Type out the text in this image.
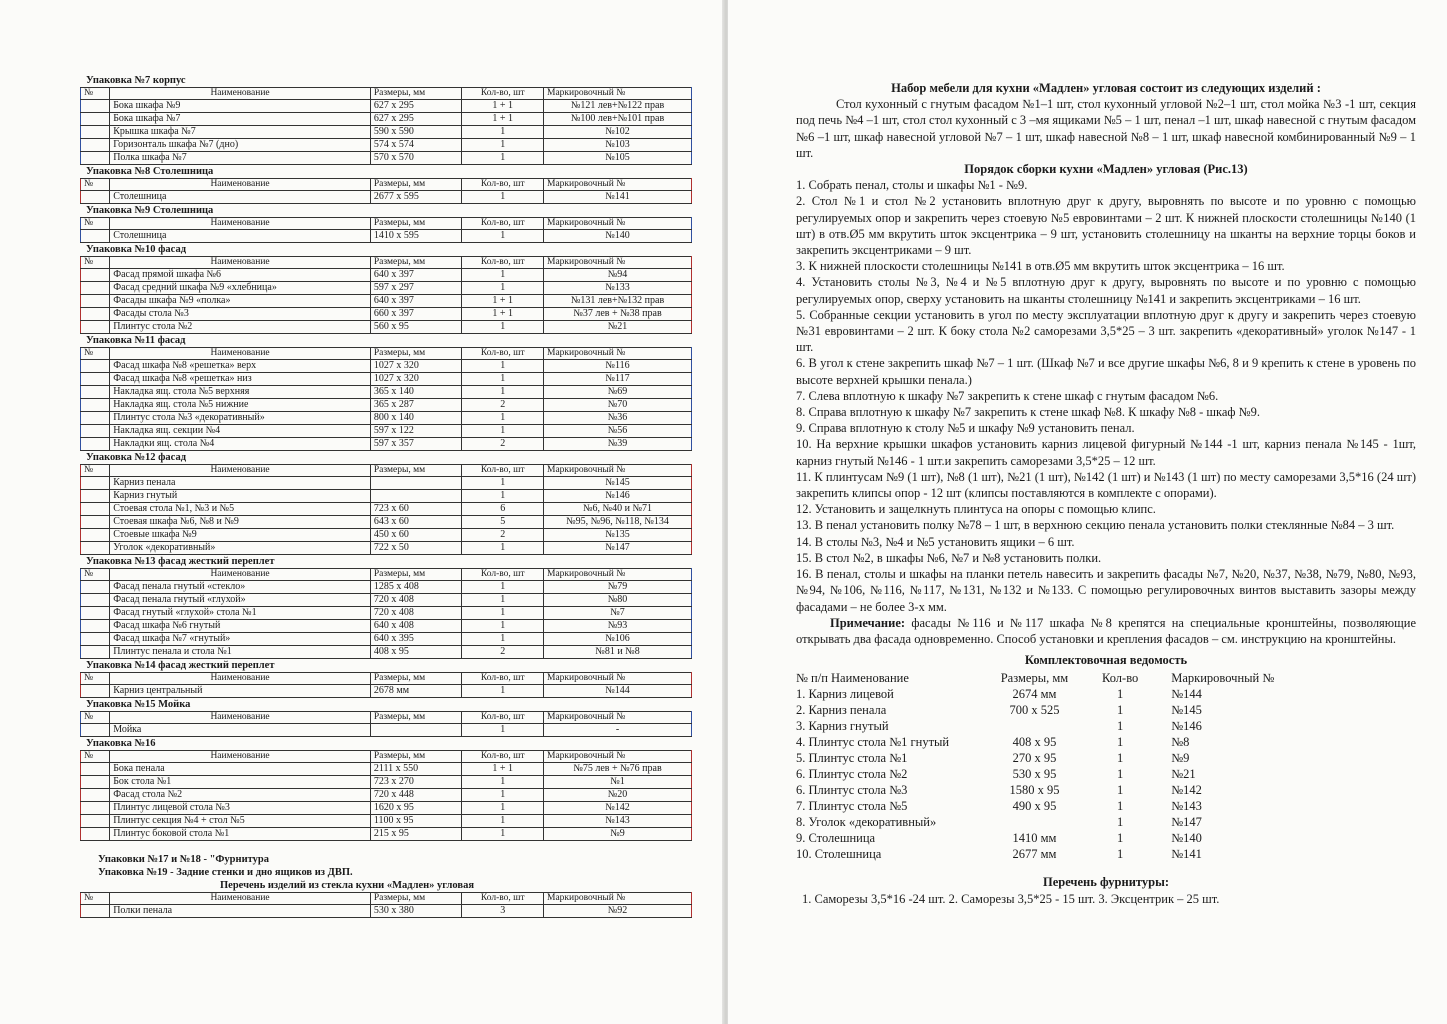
Упаковка №7 корпус
№	Наименование	Размеры, мм	Кол-во, шт	Маркировочный №
	Бока шкафа №9	627 x 295	1 + 1	№121 лев+№122 прав
	Бока шкафа №7	627 x 295	1 + 1	№100 лев+№101 прав
	Крышка шкафа №7	590 x 590	1	№102
	Горизонталь шкафа №7 (дно)	574 x 574	1	№103
	Полка шкафа №7	570 x 570	1	№105
Упаковка №8 Столешница
№	Наименование	Размеры, мм	Кол-во, шт	Маркировочный №
	Столешница	2677 x 595	1	№141
Упаковка №9 Столешница
№	Наименование	Размеры, мм	Кол-во, шт	Маркировочный №
	Столешница	1410 x 595	1	№140
Упаковка №10 фасад
№	Наименование	Размеры, мм	Кол-во, шт	Маркировочный №
	Фасад прямой шкафа №6	640 x 397	1	№94
	Фасад средний шкафа №9 «хлебница»	597 x 297	1	№133
	Фасады шкафа №9 «полка»	640 x 397	1 + 1	№131 лев+№132 прав
	Фасады стола №3	660 x 397	1 + 1	№37 лев + №38 прав
	Плинтус стола №2	560 x 95	1	№21
Упаковка №11 фасад
№	Наименование	Размеры, мм	Кол-во, шт	Маркировочный №
	Фасад шкафа №8 «решетка» верх	1027 x 320	1	№116
	Фасад шкафа №8 «решетка» низ	1027 x 320	1	№117
	Накладка ящ. стола №5 верхняя	365 x 140	1	№69
	Накладка ящ. стола №5 нижние	365 x 287	2	№70
	Плинтус стола №3 «декоративный»	800 x 140	1	№36
	Накладка ящ. секции №4	597 x 122	1	№56
	Накладки ящ. стола №4	597 x 357	2	№39
Упаковка №12 фасад
№	Наименование	Размеры, мм	Кол-во, шт	Маркировочный №
	Карниз пенала		1	№145
	Карниз гнутый		1	№146
	Стоевая стола №1, №3 и №5	723 x 60	6	№6, №40 и №71
	Стоевая шкафа №6, №8 и №9	643 x 60	5	№95, №96, №118, №134
	Стоевые шкафа №9	450 x 60	2	№135
	Уголок «декоративный»	722 x 50	1	№147
Упаковка №13 фасад жесткий переплет
№	Наименование	Размеры, мм	Кол-во, шт	Маркировочный №
	Фасад пенала гнутый «стекло»	1285 x 408	1	№79
	Фасад пенала гнутый «глухой»	720 x 408	1	№80
	Фасад гнутый «глухой» стола №1	720 x 408	1	№7
	Фасад шкафа №6 гнутый	640 x 408	1	№93
	Фасад шкафа №7 «гнутый»	640 x 395	1	№106
	Плинтус пенала и стола №1	408 x 95	2	№81 и №8
Упаковка №14 фасад жесткий переплет
№	Наименование	Размеры, мм	Кол-во, шт	Маркировочный №
	Карниз центральный	2678 мм	1	№144
Упаковка №15 Мойка
№	Наименование	Размеры, мм	Кол-во, шт	Маркировочный №
	Мойка		1	-
Упаковка №16
№	Наименование	Размеры, мм	Кол-во, шт	Маркировочный №
	Бока пенала	2111 x 550	1 + 1	№75 лев + №76 прав
	Бок стола №1	723 x 270	1	№1
	Фасад стола №2	720 x 448	1	№20
	Плинтус лицевой стола №3	1620 x 95	1	№142
	Плинтус секция №4 + стол №5	1100 x 95	1	№143
	Плинтус боковой стола №1	215 x 95	1	№9
Упаковки №17 и №18 - "Фурнитура
Упаковка №19 - Задние стенки и дно ящиков из ДВП.
Перечень изделий из стекла кухни «Мадлен» угловая
№	Наименование	Размеры, мм	Кол-во, шт	Маркировочный №
	Полки пенала	530 x 380	3	№92
Набор мебели для кухни «Мадлен» угловая состоит из следующих изделий :
Стол кухонный с гнутым фасадом №1–1 шт, стол кухонный угловой №2–1 шт, стол мойка №3 -1 шт, секция под печь №4 –1 шт, стол стол кухонный с 3 –мя ящиками №5 – 1 шт, пенал –1 шт, шкаф навесной с гнутым фасадом №6 –1 шт, шкаф навесной угловой №7 – 1 шт, шкаф навесной №8 – 1 шт, шкаф навесной комбинированный №9 – 1 шт.
Порядок сборки кухни «Мадлен» угловая (Рис.13)
1. Собрать пенал, столы и шкафы №1 - №9.
2. Стол №1 и стол №2 установить вплотную друг к другу, выровнять по высоте и по уровню с помощью регулируемых опор и закрепить через стоевую №5 евровинтами – 2 шт. К нижней плоскости столешницы №140 (1 шт) в отв.Ø5 мм вкрутить шток эксцентрика – 9 шт, установить столешницу на шканты на верхние торцы боков и закрепить эксцентриками – 9 шт.
3. К нижней плоскости столешницы №141 в отв.Ø5 мм вкрутить шток эксцентрика – 16 шт.
4. Установить столы №3, №4 и №5 вплотную друг к другу, выровнять по высоте и по уровню с помощью регулируемых опор, сверху установить на шканты столешницу №141 и закрепить эксцентриками – 16 шт.
5. Собранные секции установить в угол по месту эксплуатации вплотную друг к другу и закрепить через стоевую №31 евровинтами – 2 шт. К боку стола №2 саморезами 3,5*25 – 3 шт. закрепить «декоративный» уголок №147 - 1 шт.
6. В угол к стене закрепить шкаф №7 – 1 шт. (Шкаф №7 и все другие шкафы №6, 8 и 9 крепить к стене в уровень по высоте верхней крышки пенала.)
7. Слева вплотную к шкафу №7 закрепить к стене шкаф с гнутым фасадом №6.
8. Справа вплотную к шкафу №7 закрепить к стене шкаф №8. К шкафу №8 - шкаф №9.
9. Справа вплотную к столу №5 и шкафу №9 установить пенал.
10. На верхние крышки шкафов установить карниз лицевой фигурный №144 -1 шт, карниз пенала №145 - 1шт, карниз гнутый №146 - 1 шт.и закрепить саморезами 3,5*25 – 12 шт.
11. К плинтусам №9 (1 шт), №8 (1 шт), №21 (1 шт), №142 (1 шт) и №143 (1 шт) по месту саморезами 3,5*16 (24 шт) закрепить клипсы опор - 12 шт (клипсы поставляются в комплекте с опорами).
12. Установить и защелкнуть плинтуса на опоры с помощью клипс.
13. В пенал установить полку №78 – 1 шт, в верхнюю секцию пенала установить полки стеклянные №84 – 3 шт.
14. В столы №3, №4 и №5 установить ящики – 6 шт.
15. В стол №2, в шкафы №6, №7 и №8 установить полки.
16. В пенал, столы и шкафы на планки петель навесить и закрепить фасады №7, №20, №37, №38, №79, №80, №93, №94, №106, №116, №117, №131, №132 и №133. С помощью регулировочных винтов выставить зазоры между фасадами – не более 3-х мм.
Примечание: фасады №116 и №117 шкафа №8 крепятся на специальные кронштейны, позволяющие открывать два фасада одновременно. Способ установки и крепления фасадов – см. инструкцию на кронштейны.
Комплектовочная ведомость
№ п/п Наименование	Размеры, мм	Кол-во	Маркировочный №
1. Карниз лицевой	2674 мм	1	№144
2. Карниз пенала	700 x 525	1	№145
3. Карниз гнутый		1	№146
4. Плинтус стола №1 гнутый	408 x 95	1	№8
5. Плинтус стола №1	270 x 95	1	№9
6. Плинтус стола №2	530 x 95	1	№21
6. Плинтус стола №3	1580 x 95	1	№142
7. Плинтус стола №5	490 x 95	1	№143
8. Уголок «декоративный»		1	№147
9. Столешница	1410 мм	1	№140
10. Столешница	2677 мм	1	№141
Перечень фурнитуры:
1. Саморезы 3,5*16 -24 шт. 2. Саморезы 3,5*25 - 15 шт. 3. Эксцентрик – 25 шт.
